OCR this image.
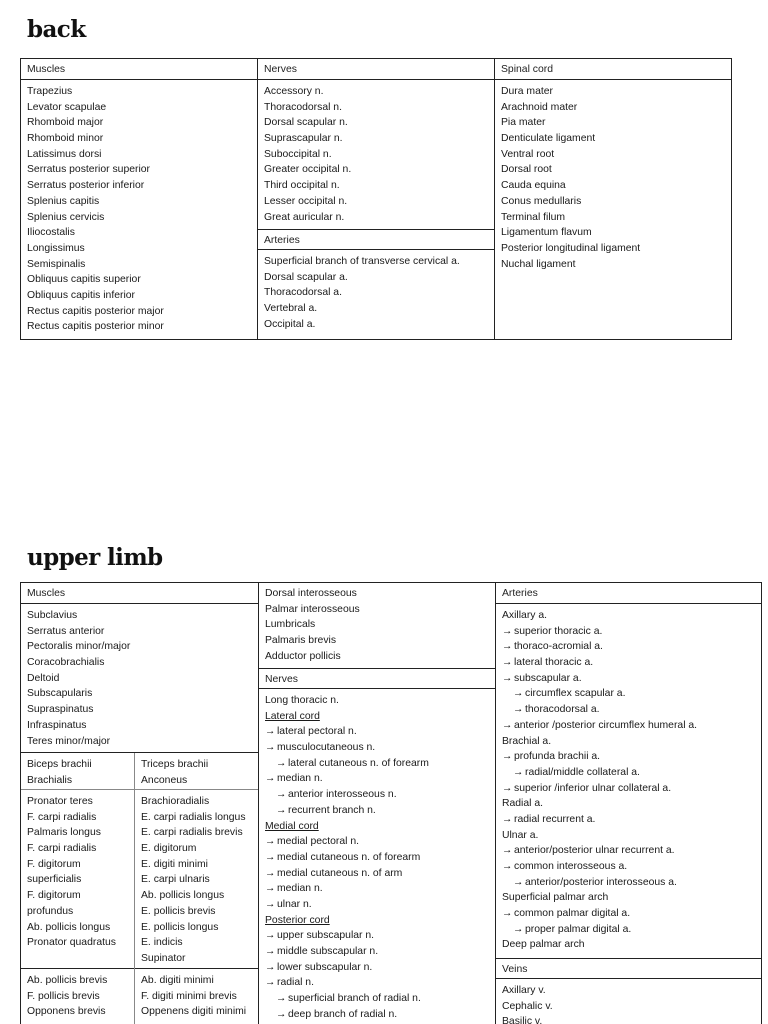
back
Muscles
Trapezius
Levator scapulae
Rhomboid major
Rhomboid minor
Latissimus dorsi
Serratus posterior superior
Serratus posterior inferior
Splenius capitis
Splenius cervicis
Iliocostalis
Longissimus
Semispinalis
Obliquus capitis superior
Obliquus capitis inferior
Rectus capitis posterior major
Rectus capitis posterior minor
Nerves
Accessory n.
Thoracodorsal n.
Dorsal scapular n.
Suprascapular n.
Suboccipital n.
Greater occipital n.
Third occipital n.
Lesser occipital n.
Great auricular n.
Arteries
Superficial branch of transverse cervical a.
Dorsal scapular a.
Thoracodorsal a.
Vertebral a.
Occipital a.
Spinal cord
Dura mater
Arachnoid mater
Pia mater
Denticulate ligament
Ventral root
Dorsal root
Cauda equina
Conus medullaris
Terminal filum
Ligamentum flavum
Posterior longitudinal ligament
Nuchal ligament
upper limb
Muscles
Subclavius
Serratus anterior
Pectoralis minor/major
Coracobrachialis
Deltoid
Subscapularis
Supraspinatus
Infraspinatus
Teres minor/major
Biceps brachii
Brachialis
Triceps brachii
Anconeus
Pronator teres
F. carpi radialis
Palmaris longus
F. carpi radialis
F. digitorum
superficialis
F. digitorum
profundus
Ab. pollicis longus
Pronator quadratus
Brachioradialis
E. carpi radialis longus
E. carpi radialis brevis
E. digitorum
E. digiti minimi
E. carpi ulnaris
Ab. pollicis longus
E. pollicis brevis
E. pollicis longus
E. indicis
Supinator
Ab. pollicis brevis
F. pollicis brevis
Opponens brevis
Ab. digiti minimi
F. digiti minimi brevis
Oppenens digiti minimi
Dorsal interosseous
Palmar interosseous
Lumbricals
Palmaris brevis
Adductor pollicis
Nerves
Long thoracic n.
Lateral cord
→ lateral pectoral n.
→ musculocutaneous n.
→ lateral cutaneous n. of forearm
→ median n.
→ anterior interosseous n.
→ recurrent branch n.
Medial cord
→ medial pectoral n.
→ medial cutaneous n. of forearm
→ medial cutaneous n. of arm
→ median n.
→ ulnar n.
Posterior cord
→ upper subscapular n.
→ middle subscapular n.
→ lower subscapular n.
→ radial n.
→ superficial branch of radial n.
→ deep branch of radial n.
Arteries
Axillary a.
→ superior thoracic a.
→ thoraco-acromial a.
→ lateral thoracic a.
→ subscapular a.
→ circumflex scapular a.
→ thoracodorsal a.
→ anterior /posterior circumflex humeral a.
Brachial a.
→ profunda brachii a.
→ radial/middle collateral a.
→ superior /inferior ulnar collateral a.
Radial a.
→ radial recurrent a.
Ulnar a.
→ anterior/posterior ulnar recurrent a.
→ common interosseous a.
→ anterior/posterior interosseous a.
Superficial palmar arch
→ common palmar digital a.
→ proper palmar digital a.
Deep palmar arch
Veins
Axillary v.
Cephalic v.
Basilic v.
